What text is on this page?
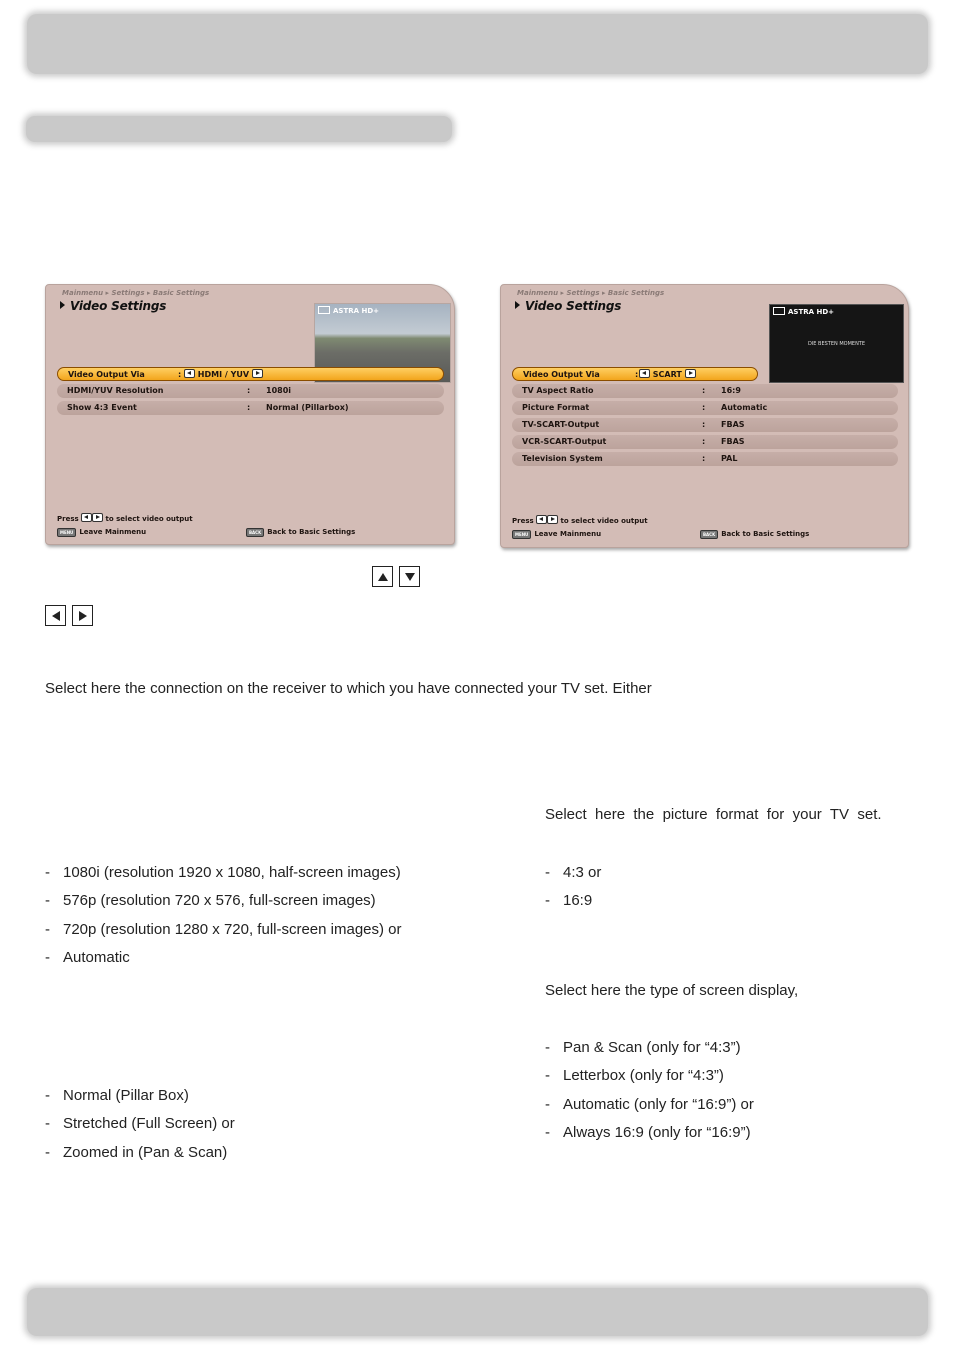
Mainmenu ▸ Settings ▸ Basic Settings
Video Settings	ASTRA HD+
Video Output Via	:	HDMI / YUV
HDMI/YUV Resolution	: 1080i
Show 4:3 Event	: Normal (Pillarbox)
Press	to select video output
MENU Leave Mainmenu	BACK Back to Basic Settings
Mainmenu ▸ Settings ▸ Basic Settings
Video Settings	ASTRA HD+
DIE BESTEN MOMENTE
Video Output Via	:	SCART
TV Aspect Ratio	: 16:9
Picture Format	: Automatic
TV-SCART-Output	: FBAS
VCR-SCART-Output	: FBAS
Television System	: PAL
Press	to select video output
MENU Leave Mainmenu	BACK Back to Basic Settings
Select here the connection on the receiver to which you have connected your TV set. Either
Select  here  the  picture  format  for  your  TV  set.
Select here the type of screen display,
- 1080i (resolution 1920 x 1080, half-screen images)
- 576p (resolution 720 x 576, full-screen images)
- 720p (resolution 1280 x 720, full-screen images) or
- Automatic
- 4:3 or
- 16:9
- Normal (Pillar Box)
- Stretched (Full Screen) or
- Zoomed in (Pan & Scan)
- Pan & Scan (only for “4:3”)
- Letterbox (only for “4:3”)
- Automatic (only for “16:9”) or
- Always 16:9 (only for “16:9”)
